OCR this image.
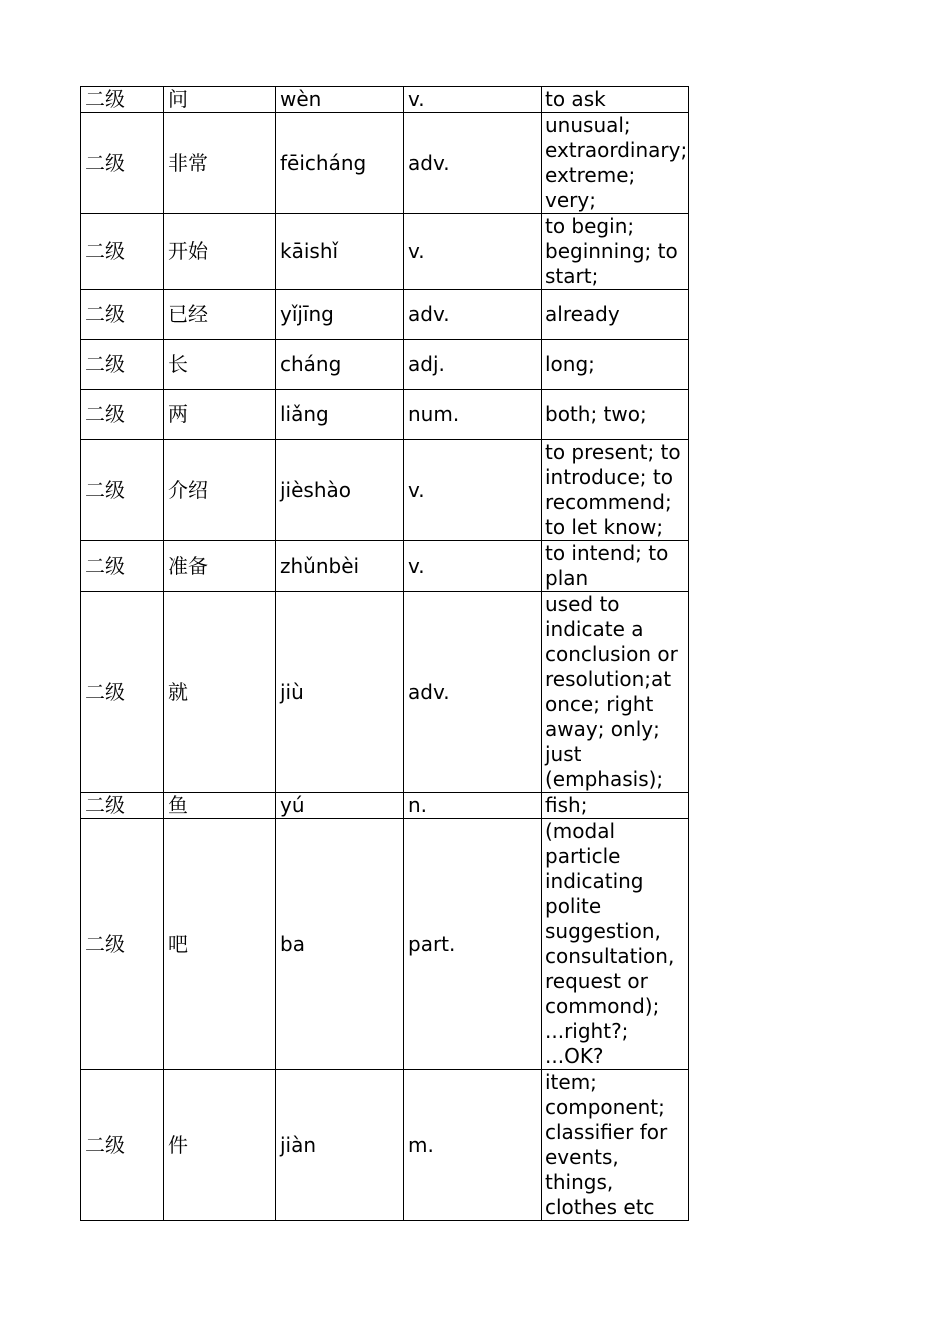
二级	问	wèn	v.	to ask
二级	非常	fēicháng	adv.	unusual; extraordinary; extreme; very;
二级	开始	kāishǐ	v.	to begin; beginning; to start;
二级	已经	yǐjīng	adv.	already
二级	长	cháng	adj.	long;
二级	两	liǎng	num.	both; two;
二级	介绍	jièshào	v.	to present; to introduce; to recommend; to let know;
二级	准备	zhǔnbèi	v.	to intend; to plan
二级	就	jiù	adv.	used to indicate a conclusion or resolution;at once; right away; only; just (emphasis);
二级	鱼	yú	n.	fish;
二级	吧	ba	part.	(modal particle indicating polite suggestion, consultation, request or commond); ...right?; ...OK?
二级	件	jiàn	m.	item; component; classifier for events, things, clothes etc
